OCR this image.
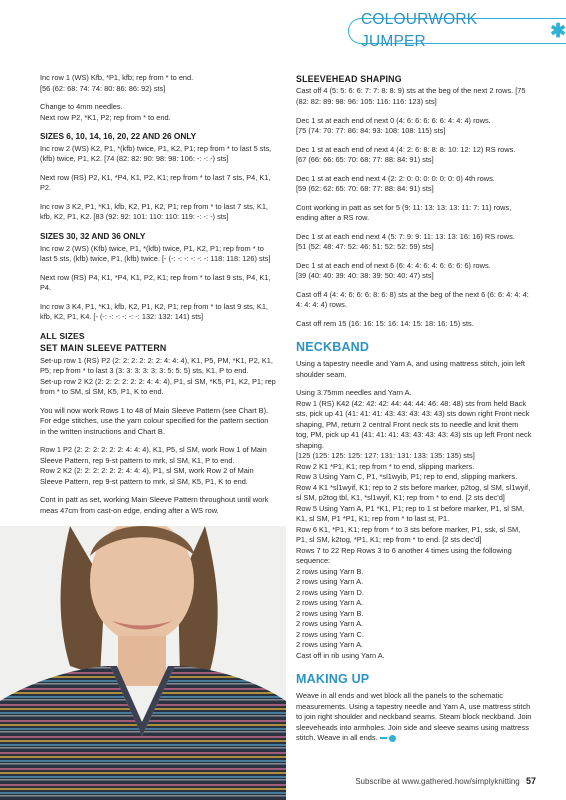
COLOURWORK JUMPER	✱

Inc row 1 (WS) Kfb, *P1, kfb; rep from * to end.
[56 (62: 68: 74: 74: 80: 86: 86: 92) sts]

Change to 4mm needles.
Next row P2, *K1, P2; rep from * to end.

SIZES 6, 10, 14, 16, 20, 22 AND 26 ONLY

Inc row 2 (WS) K2, P1, *(kfb) twice, P1, K2, P1; rep from * to last 5 sts, (kfb) twice, P1, K2. [74 (82: 82: 90: 98: 98: 106: -: -: -) sts]

Next row (RS) P2, K1, *P4, K1, P2, K1; rep from * to last 7 sts, P4, K1, P2.

Inc row 3 K2, P1, *K1, kfb, K2, P1, K2, P1; rep from * to last 7 sts, K1, kfb, K2, P1, K2. [83 (92: 92: 101: 110: 110: 119: -: -: -) sts]

SIZES 30, 32 AND 36 ONLY

Inc row 2 (WS) (Kfb) twice, P1, *(kfb) twice, P1, K2, P1; rep from * to last 5 sts, (kfb) twice, P1, (kfb) twice. [- (-: -: -: -: -: -: 118: 118: 126) sts]

Next row (RS) P4, K1, *P4, K1, P2, K1; rep from * to last 9 sts, P4, K1, P4.

Inc row 3 K4, P1, *K1, kfb, K2, P1, K2, P1; rep from * to last 9 sts, K1, kfb, K2, P1, K4. [- (-: -: -: -: -: -: 132: 132: 141) sts]

ALL SIZES
SET MAIN SLEEVE PATTERN

Set-up row 1 (RS) P2 (2: 2: 2: 2: 2: 2: 4: 4: 4), K1, P5, PM, *K1, P2, K1, P5; rep from * to last 3 (3: 3: 3: 3: 3: 3: 5: 5: 5) sts, K1, P to end.
Set-up row 2 K2 (2: 2: 2: 2: 2: 2: 4: 4: 4), P1, sl SM, *K5, P1, K2, P1; rep from * to SM, sl SM, K5, P1, K to end.

You will now work Rows 1 to 48 of Main Sleeve Pattern (see Chart B). For edge stitches, use the yarn colour specified for the pattern section in the written instructions and Chart B.

Row 1 P2 (2: 2: 2: 2: 2: 2: 4: 4: 4), K1, P5, sl SM, work Row 1 of Main Sleeve Pattern, rep 9-st pattern to mrk, sl SM, K1, P to end.
Row 2 K2 (2: 2: 2: 2: 2: 2: 4: 4: 4), P1, sl SM, work Row 2 of Main Sleeve Pattern, rep 9-st pattern to mrk, sl SM, K5, P1, K to end.

Cont in patt as set, working Main Sleeve Pattern throughout until work meas 47cm from cast-on edge, ending after a WS row.

SLEEVEHEAD SHAPING

Cast off 4 (5: 5: 6: 6: 7: 7: 8: 8: 9) sts at the beg of the next 2 rows. [75 (82: 82: 89: 98: 96: 105: 116: 116: 123) sts]

Dec 1 st at each end of next 0 (4: 6: 6: 6: 6: 6: 4: 4: 4) rows.
[75 (74: 70: 77: 86: 84: 93: 108: 108: 115) sts]

Dec 1 st at each end of next 4 (4: 2: 6: 8: 8: 8: 10: 12: 12) RS rows.
[67 (66: 66: 65: 70: 68: 77: 88: 84: 91) sts]

Dec 1 st at each end next 4 (2: 2: 0: 0: 0: 0: 0: 0: 0) 4th rows.
[59 (62: 62: 65: 70: 68: 77: 88: 84: 91) sts]

Cont working in patt as set for 5 (9: 11: 13: 13: 13: 11: 7: 11) rows, ending after a RS row.

Dec 1 st at each end next 4 (5: 7: 9: 9: 11: 13: 13: 16: 16) RS rows.
[51 (52: 48: 47: 52: 46: 51: 52: 52: 59) sts]

Dec 1 st at each end of next 6 (6: 4: 4: 6: 4: 6: 6: 6: 6) rows.
[39 (40: 40: 39: 40: 38: 39: 50: 40: 47) sts]

Cast off 4 (4: 4: 6: 6: 6: 8: 6: 8) sts at the beg of the next 6 (6: 6: 4: 4: 4: 4: 4: 4: 4) rows.

Cast off rem 15 (16: 16: 15: 16: 14: 15: 18: 16: 15) sts.

NECKBAND

Using a tapestry needle and Yarn A, and using mattress stitch, join left shoulder seam.

Using 3.75mm needles and Yarn A.
Row 1 (RS) K42 (42: 42: 42: 44: 44: 44: 46: 48: 48) sts from held Back sts, pick up 41 (41: 41: 41: 43: 43: 43: 43: 43) sts down right Front neck shaping, PM, return 2 central Front neck sts to needle and knit them tog, PM, pick up 41 (41: 41: 41: 43: 43: 43: 43: 43) sts up left Front neck shaping.
[125 (125: 125: 125: 127: 131: 131: 133: 135: 135) sts]
Row 2 K1 *P1, K1; rep from * to end, slipping markers.
Row 3 Using Yarn C, P1, *sl1wyib, P1; rep to end, slipping markers.
Row 4 K1 *sl1wyif, K1; rep to 2 sts before marker, p2tog, sl SM, sl1wyif, sl SM, p2tog tbl, K1, *sl1wyif, K1; rep from * to end. [2 sts dec'd]
Row 5 Using Yarn A, P1 *K1, P1; rep to 1 st before marker, P1, sl SM, K1, sl SM, P1 *P1, K1; rep from * to last st, P1.
Row 6 K1, *P1, K1; rep from * to 3 sts before marker, P1, ssk, sl SM, P1, sl SM, k2tog, *P1, K1; rep from * to end. [2 sts dec'd]
Rows 7 to 22 Rep Rows 3 to 6 another 4 times using the following sequence:
2 rows using Yarn B.
2 rows using Yarn A.
2 rows using Yarn D.
2 rows using Yarn A.
2 rows using Yarn B.
2 rows using Yarn A.
2 rows using Yarn C.
2 rows using Yarn A.
Cast off in rib using Yarn A.
MAKING UP

Weave in all ends and wet block all the panels to the schematic measurements. Using a tapestry needle and Yarn A, use mattress stitch to join right shoulder and neckband seams. Steam block neckband. Join sleeveheads into armholes. Join side and sleeve seams using mattress stitch. Weave in all ends.

Subscribe at www.gathered.how/simplyknitting 57
